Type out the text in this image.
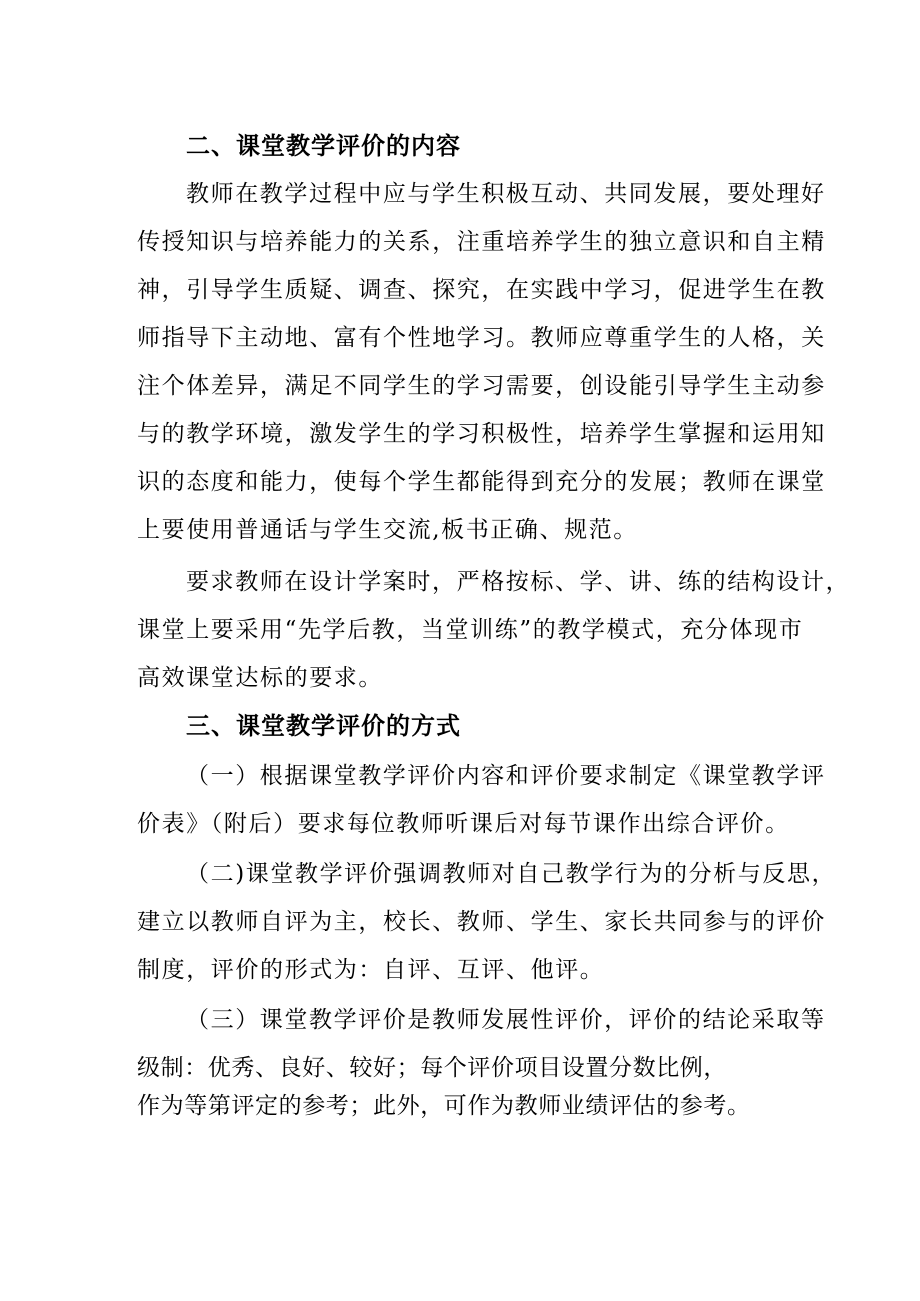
二、课堂教学评价的内容
教师在教学过程中应与学生积极互动、共同发展，要处理好
传授知识与培养能力的关系，注重培养学生的独立意识和自主精
神，引导学生质疑、调查、探究，在实践中学习，促进学生在教
师指导下主动地、富有个性地学习。教师应尊重学生的人格，关
注个体差异，满足不同学生的学习需要，创设能引导学生主动参
与的教学环境，激发学生的学习积极性，培养学生掌握和运用知
识的态度和能力，使每个学生都能得到充分的发展；教师在课堂
上要使用普通话与学生交流,板书正确、规范。
要求教师在设计学案时，严格按标、学、讲、练的结构设计，
课堂上要采用“先学后教，当堂训练”的教学模式，充分体现市
高效课堂达标的要求。
三、课堂教学评价的方式
（一）根据课堂教学评价内容和评价要求制定《课堂教学评
价表》（附后）要求每位教师听课后对每节课作出综合评价。
（二)课堂教学评价强调教师对自己教学行为的分析与反思，
建立以教师自评为主，校长、教师、学生、家长共同参与的评价
制度，评价的形式为：自评、互评、他评。
（三）课堂教学评价是教师发展性评价，评价的结论采取等
级制：优秀、良好、较好；每个评价项目设置分数比例，
作为等第评定的参考；此外，可作为教师业绩评估的参考。
